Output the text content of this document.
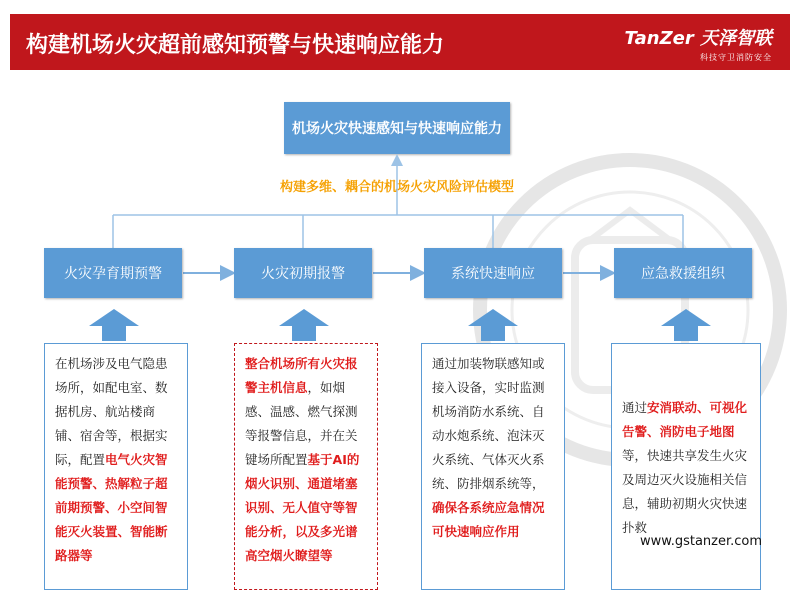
构建机场火灾超前感知预警与快速响应能力	TanZer 天泽智联
科技守卫消防安全
机场火灾快速感知与快速响应能力
构建多维、耦合的机场火灾风险评估模型
火灾孕育期预警	火灾初期报警	系统快速响应	应急救援组织
在机场涉及电气隐患场所，如配电室、数据机房、航站楼商铺、宿舍等，根据实际，配置电气火灾智能预警、热解粒子超前期预警、小空间智能灭火装置、智能断路器等
整合机场所有火灾报警主机信息，如烟感、温感、燃气探测等报警信息，并在关键场所配置基于AI的烟火识别、通道堵塞识别、无人值守等智能分析，以及多光谱高空烟火瞭望等
通过加装物联感知或接入设备，实时监测机场消防水系统、自动水炮系统、泡沫灭火系统、气体灭火系统、防排烟系统等，确保各系统应急情况可快速响应作用
通过安消联动、可视化告警、消防电子地图等，快速共享发生火灾及周边灭火设施相关信息，辅助初期火灾快速扑救
www.gstanzer.com
